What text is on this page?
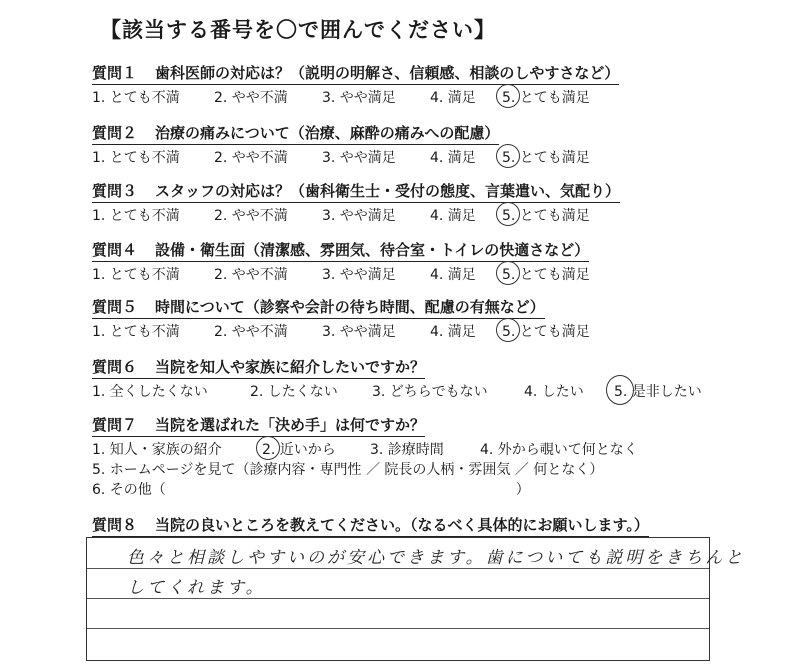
【該当する番号を〇で囲んでください】
質問１ 歯科医師の対応は？（説明の明解さ、信頼感、相談のしやすさなど）
1. とても不満 2. やや不満 3. やや満足 4. 満足 5. とても満足
質問２ 治療の痛みについて（治療、麻酔の痛みへの配慮）
1. とても不満 2. やや不満 3. やや満足 4. 満足 5. とても満足
質問３ スタッフの対応は？（歯科衛生士・受付の態度、言葉遣い、気配り）
1. とても不満 2. やや不満 3. やや満足 4. 満足 5. とても満足
質問４ 設備・衛生面（清潔感、雰囲気、待合室・トイレの快適さなど）
1. とても不満 2. やや不満 3. やや満足 4. 満足 5. とても満足
質問５ 時間について（診察や会計の待ち時間、配慮の有無など）
1. とても不満 2. やや不満 3. やや満足 4. 満足 5. とても満足
質問６ 当院を知人や家族に紹介したいですか？
1. 全くしたくない	2. したくない 3. どちらでもない	4. したい 5. 是非したい
質問７ 当院を選ばれた「決め手」は何ですか？
1. 知人・家族の紹介	2. 近いから 3. 診療時間	4. 外から覗いて何となく
5. ホームページを見て（診療内容・専門性 ／ 院長の人柄・雰囲気 ／ 何となく）
6. その他（　　　　　　　　　　　　　　　　　　　　　　　　　）
質問８ 当院の良いところを教えてください。（なるべく具体的にお願いします。）
色々と相談しやすいのが安心できます。歯についても説明をきちんと
してくれます。
